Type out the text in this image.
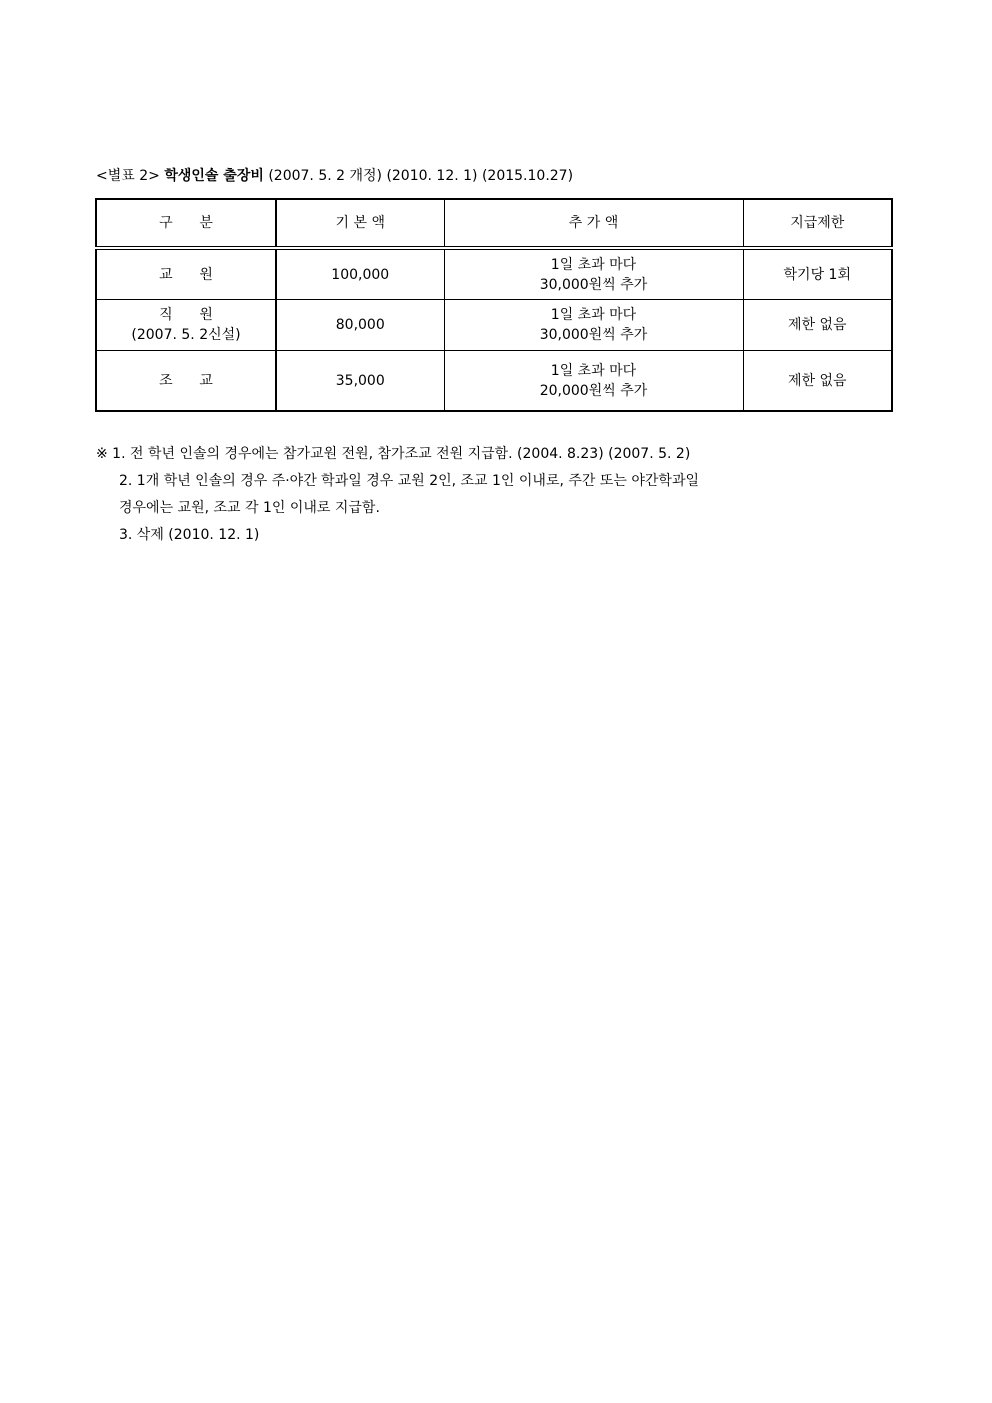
<별표 2> 학생인솔 출장비 (2007. 5. 2 개정) (2010. 12. 1) (2015.10.27)
구      분	기 본 액	추 가 액	지급제한

교      원	100,000	1일 초과 마다
30,000원씩 추가	학기당 1회

직      원
(2007. 5. 2신설)	80,000	1일 초과 마다
30,000원씩 추가	제한 없음

조      교	35,000	1일 초과 마다
20,000원씩 추가	제한 없음
※ 1. 전 학년 인솔의 경우에는 참가교원 전원, 참가조교 전원 지급함. (2004. 8.23) (2007. 5. 2)
2. 1개 학년 인솔의 경우 주·야간 학과일 경우 교원 2인, 조교 1인 이내로, 주간 또는 야간학과일
경우에는 교원, 조교 각 1인 이내로 지급함.
3. 삭제 (2010. 12. 1)
